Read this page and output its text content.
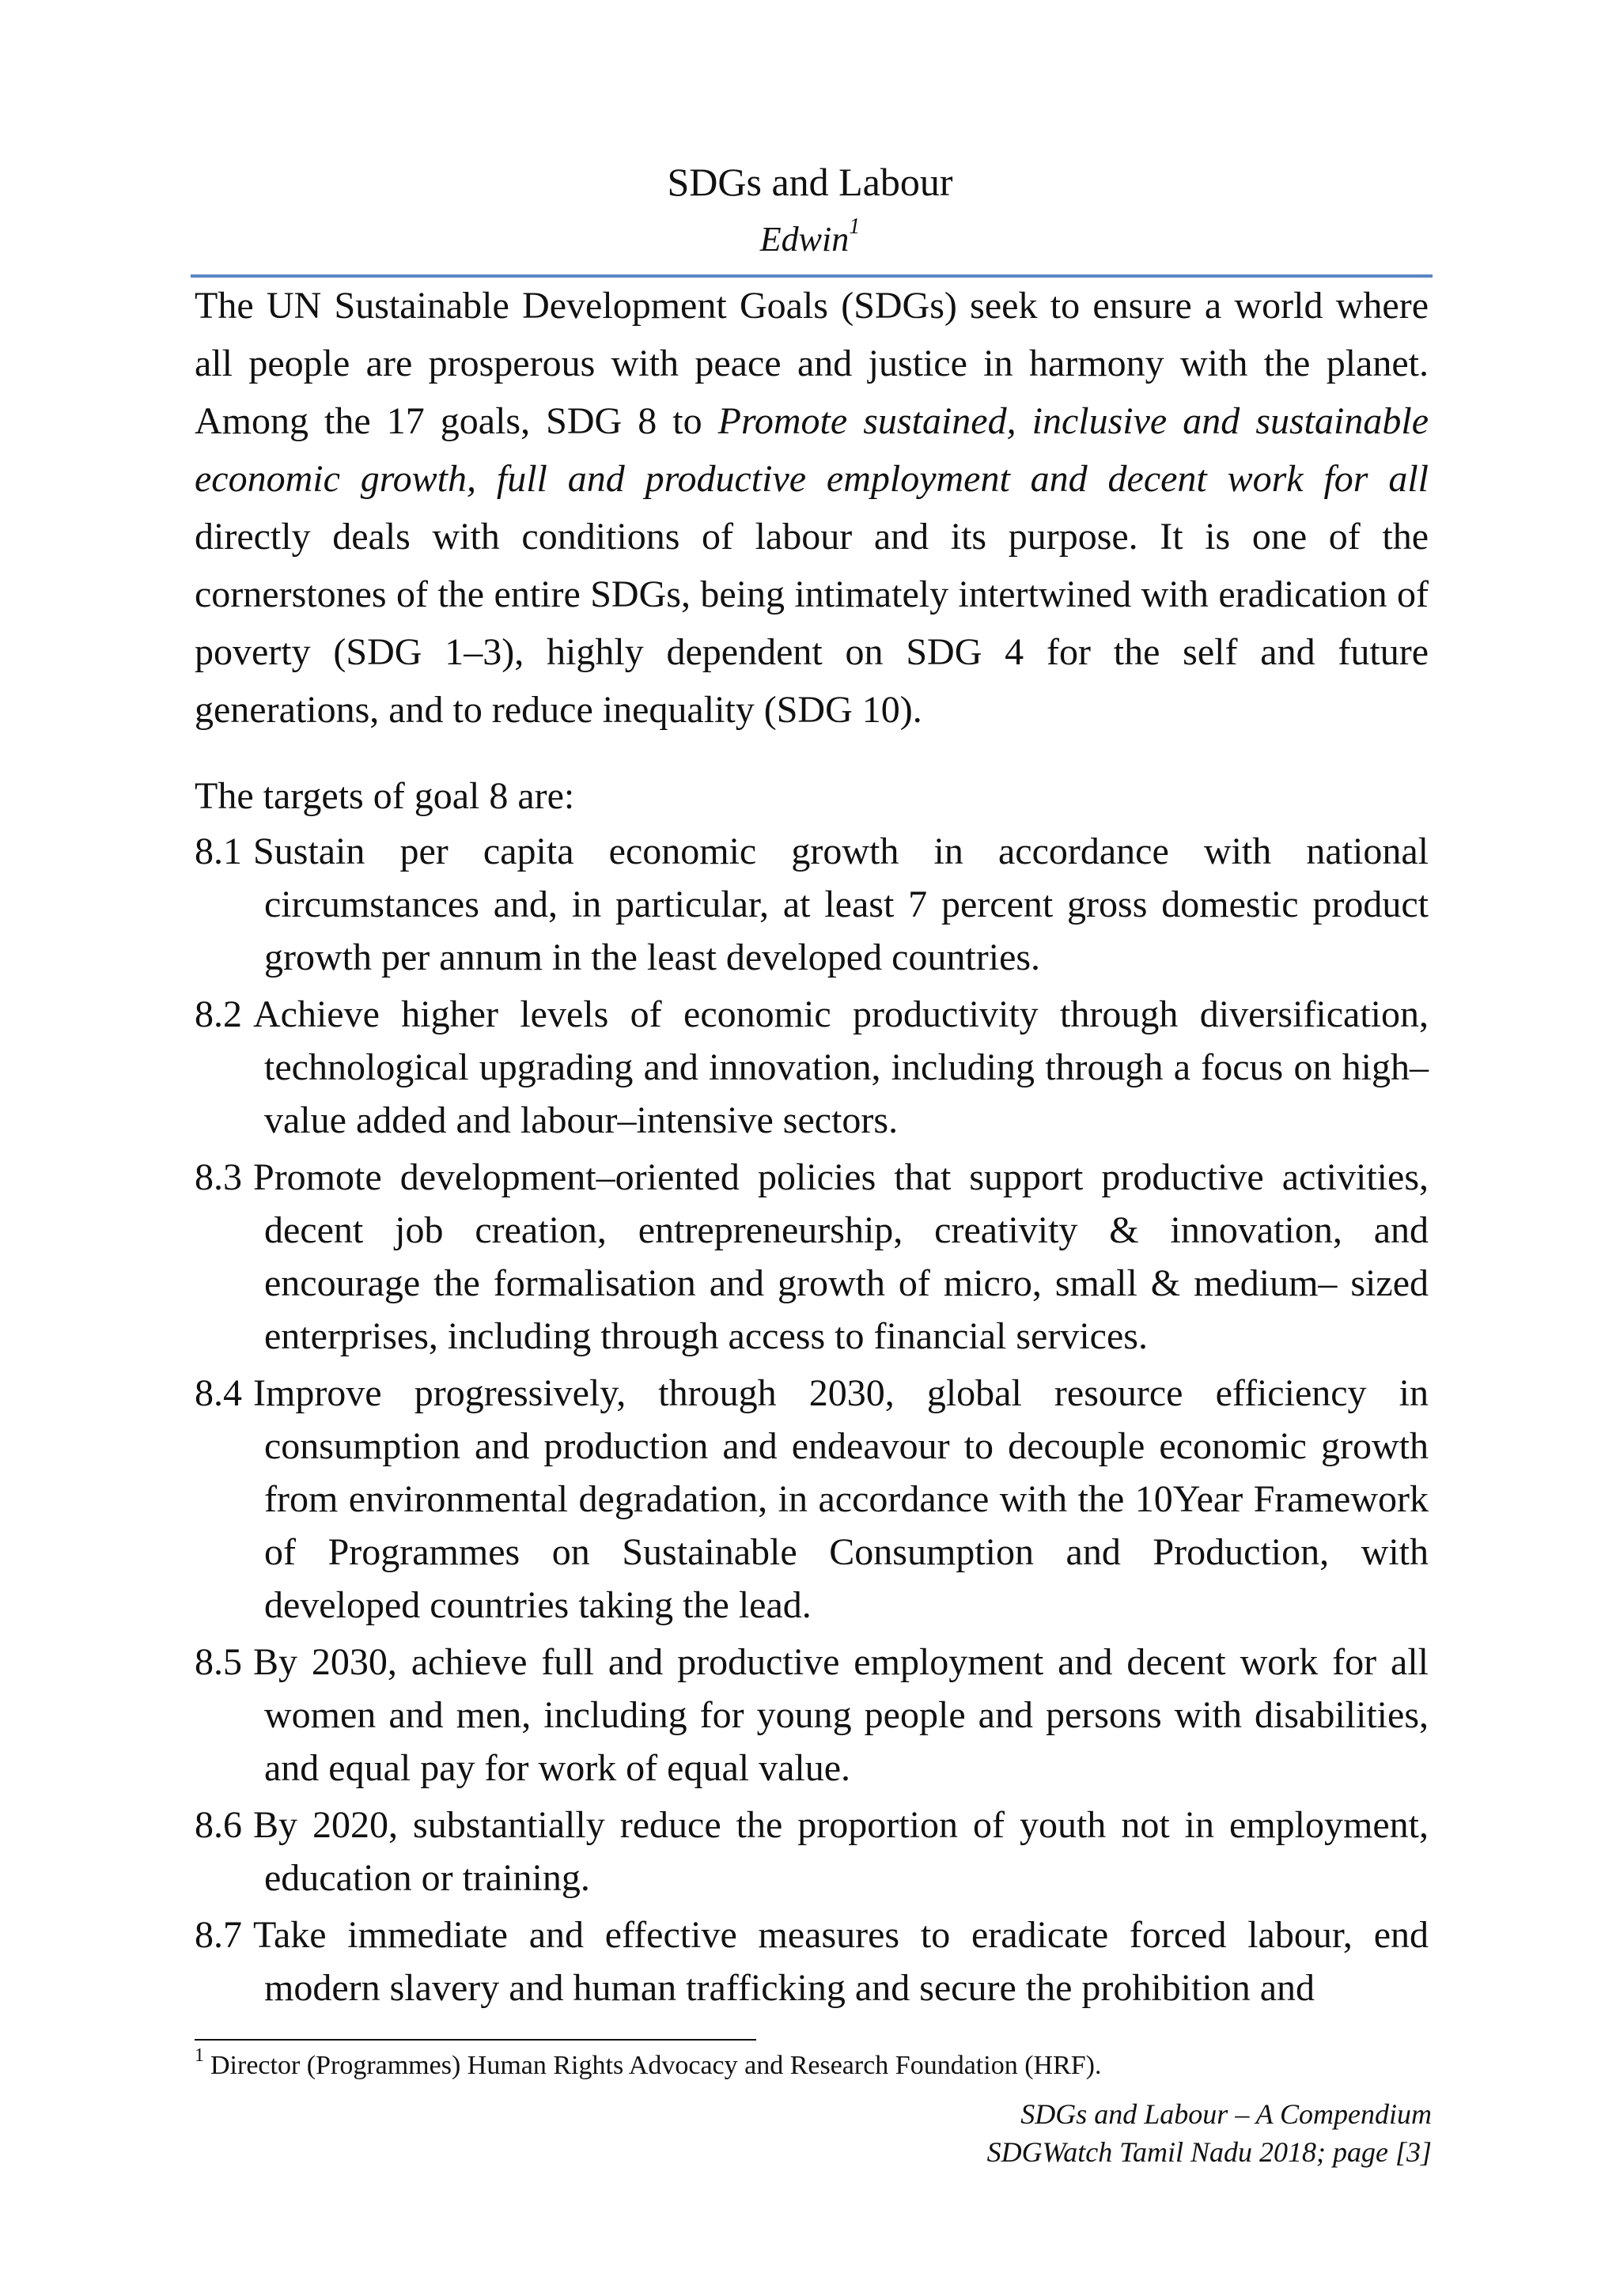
SDGs and Labour
Edwin$^1$

The UN Sustainable Development Goals (SDGs) seek to ensure a world where all people are prosperous with peace and justice in harmony with the planet. Among the 17 goals, SDG 8 to Promote sustained, inclusive and sustainable economic growth, full and productive employment and decent work for all directly deals with conditions of labour and its purpose. It is one of the cornerstones of the entire SDGs, being intimately intertwined with eradication of poverty (SDG 1–3), highly dependent on SDG 4 for the self and future generations, and to reduce inequality (SDG 10).

The targets of goal 8 are:

8.1 Sustain per capita economic growth in accordance with national circumstances and, in particular, at least 7 percent gross domestic product growth per annum in the least developed countries.
8.2 Achieve higher levels of economic productivity through diversification, technological upgrading and innovation, including through a focus on high–value added and labour–intensive sectors.
8.3 Promote development–oriented policies that support productive activities, decent job creation, entrepreneurship, creativity & innovation, and encourage the formalisation and growth of micro, small & medium– sized enterprises, including through access to financial services.
8.4 Improve progressively, through 2030, global resource efficiency in consumption and production and endeavour to decouple economic growth from environmental degradation, in accordance with the 10Year Framework of Programmes on Sustainable Consumption and Production, with developed countries taking the lead.
8.5 By 2030, achieve full and productive employment and decent work for all women and men, including for young people and persons with disabilities, and equal pay for work of equal value.
8.6 By 2020, substantially reduce the proportion of youth not in employment, education or training.
8.7 Take immediate and effective measures to eradicate forced labour, end modern slavery and human trafficking and secure the prohibition and
$^1$ Director (Programmes) Human Rights Advocacy and Research Foundation (HRF).
SDGs and Labour – A Compendium
SDGWatch Tamil Nadu 2018; page [3]
